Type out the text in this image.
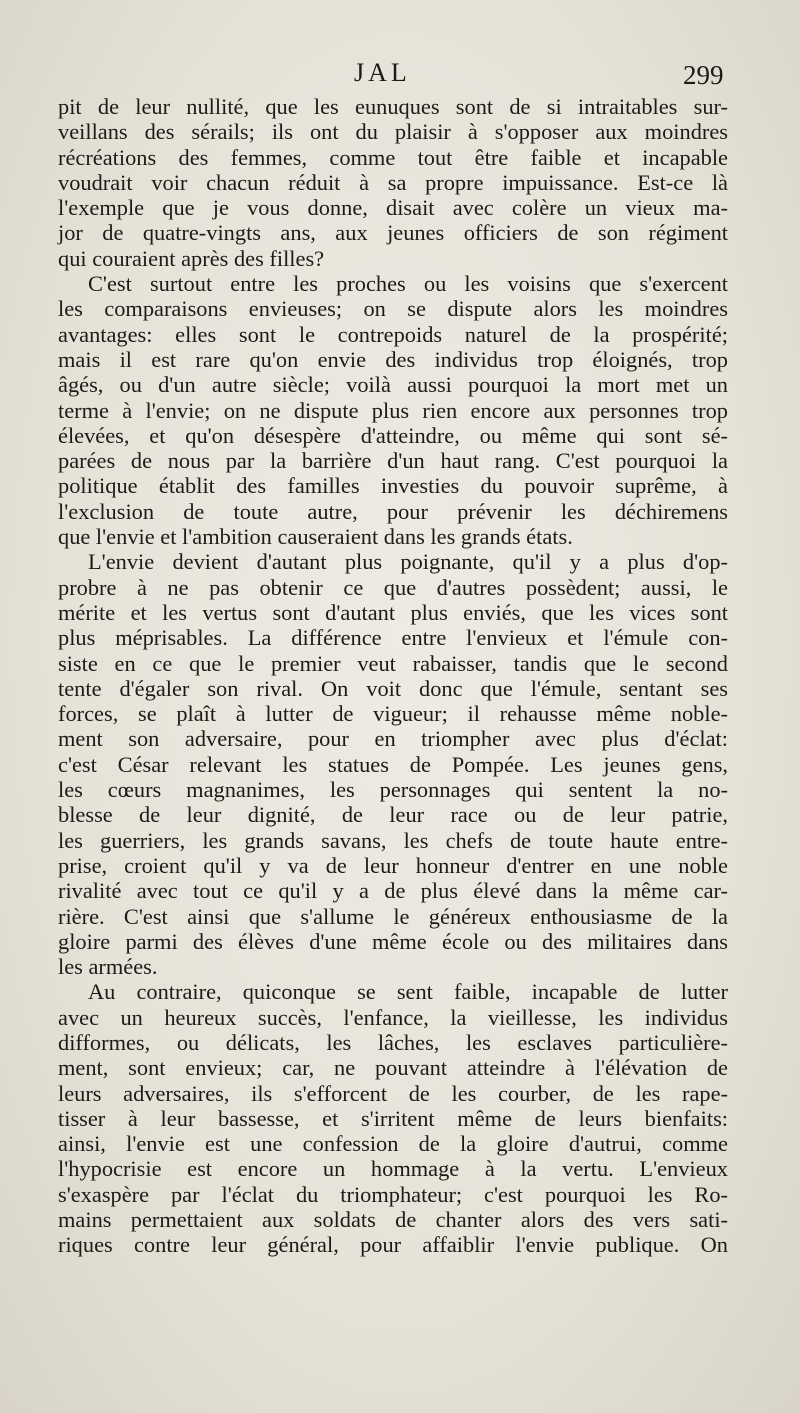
JAL	299
pit de leur nullité, que les eunuques sont de si intraitables sur-
veillans des sérails; ils ont du plaisir à s'opposer aux moindres
récréations des femmes, comme tout être faible et incapable
voudrait voir chacun réduit à sa propre impuissance. Est-ce là
l'exemple que je vous donne, disait avec colère un vieux ma-
jor de quatre-vingts ans, aux jeunes officiers de son régiment
qui couraient après des filles?
C'est surtout entre les proches ou les voisins que s'exercent
les comparaisons envieuses; on se dispute alors les moindres
avantages: elles sont le contrepoids naturel de la prospérité;
mais il est rare qu'on envie des individus trop éloignés, trop
âgés, ou d'un autre siècle; voilà aussi pourquoi la mort met un
terme à l'envie; on ne dispute plus rien encore aux personnes trop
élevées, et qu'on désespère d'atteindre, ou même qui sont sé-
parées de nous par la barrière d'un haut rang. C'est pourquoi la
politique établit des familles investies du pouvoir suprême, à
l'exclusion de toute autre, pour prévenir les déchiremens
que l'envie et l'ambition causeraient dans les grands états.
L'envie devient d'autant plus poignante, qu'il y a plus d'op-
probre à ne pas obtenir ce que d'autres possèdent; aussi, le
mérite et les vertus sont d'autant plus enviés, que les vices sont
plus méprisables. La différence entre l'envieux et l'émule con-
siste en ce que le premier veut rabaisser, tandis que le second
tente d'égaler son rival. On voit donc que l'émule, sentant ses
forces, se plaît à lutter de vigueur; il rehausse même noble-
ment son adversaire, pour en triompher avec plus d'éclat:
c'est César relevant les statues de Pompée. Les jeunes gens,
les cœurs magnanimes, les personnages qui sentent la no-
blesse de leur dignité, de leur race ou de leur patrie,
les guerriers, les grands savans, les chefs de toute haute entre-
prise, croient qu'il y va de leur honneur d'entrer en une noble
rivalité avec tout ce qu'il y a de plus élevé dans la même car-
rière. C'est ainsi que s'allume le généreux enthousiasme de la
gloire parmi des élèves d'une même école ou des militaires dans
les armées.
Au contraire, quiconque se sent faible, incapable de lutter
avec un heureux succès, l'enfance, la vieillesse, les individus
difformes, ou délicats, les lâches, les esclaves particulière-
ment, sont envieux; car, ne pouvant atteindre à l'élévation de
leurs adversaires, ils s'efforcent de les courber, de les rape-
tisser à leur bassesse, et s'irritent même de leurs bienfaits:
ainsi, l'envie est une confession de la gloire d'autrui, comme
l'hypocrisie est encore un hommage à la vertu. L'envieux
s'exaspère par l'éclat du triomphateur; c'est pourquoi les Ro-
mains permettaient aux soldats de chanter alors des vers sati-
riques contre leur général, pour affaiblir l'envie publique. On
